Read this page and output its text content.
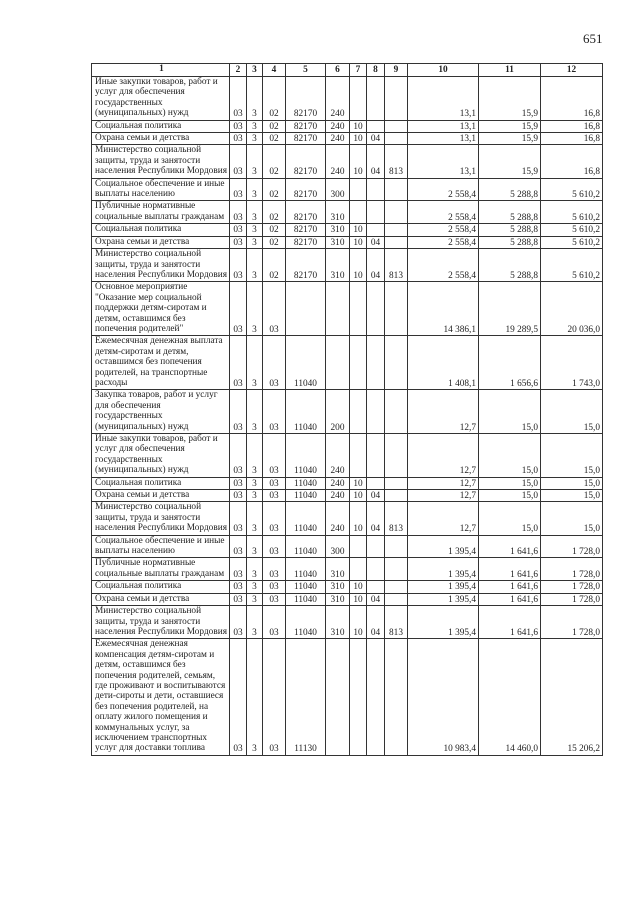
651
1	2	3	4	5	6	7	8	9	10	11	12
Иные закупки товаров, работ и услуг для обеспечения государственных (муниципальных) нужд	03	3	02	82170	240				13,1	15,9	16,8
Социальная политика	03	3	02	82170	240	10			13,1	15,9	16,8
Охрана семьи и детства	03	3	02	82170	240	10	04		13,1	15,9	16,8
Министерство социальной защиты, труда и занятости населения Республики Мордовия	03	3	02	82170	240	10	04	813	13,1	15,9	16,8
Социальное обеспечение и иные выплаты населению	03	3	02	82170	300				2 558,4	5 288,8	5 610,2
Публичные нормативные социальные выплаты гражданам	03	3	02	82170	310				2 558,4	5 288,8	5 610,2
Социальная политика	03	3	02	82170	310	10			2 558,4	5 288,8	5 610,2
Охрана семьи и детства	03	3	02	82170	310	10	04		2 558,4	5 288,8	5 610,2
Министерство социальной защиты, труда и занятости населения Республики Мордовия	03	3	02	82170	310	10	04	813	2 558,4	5 288,8	5 610,2
Основное мероприятие "Оказание мер социальной поддержки детям-сиротам и детям, оставшимся без попечения родителей"	03	3	03						14 386,1	19 289,5	20 036,0
Ежемесячная денежная выплата детям-сиротам и детям, оставшимся без попечения родителей, на транспортные расходы	03	3	03	11040					1 408,1	1 656,6	1 743,0
Закупка товаров, работ и услуг для обеспечения государственных (муниципальных) нужд	03	3	03	11040	200				12,7	15,0	15,0
Иные закупки товаров, работ и услуг для обеспечения государственных (муниципальных) нужд	03	3	03	11040	240				12,7	15,0	15,0
Социальная политика	03	3	03	11040	240	10			12,7	15,0	15,0
Охрана семьи и детства	03	3	03	11040	240	10	04		12,7	15,0	15,0
Министерство социальной защиты, труда и занятости населения Республики Мордовия	03	3	03	11040	240	10	04	813	12,7	15,0	15,0
Социальное обеспечение и иные выплаты населению	03	3	03	11040	300				1 395,4	1 641,6	1 728,0
Публичные нормативные социальные выплаты гражданам	03	3	03	11040	310				1 395,4	1 641,6	1 728,0
Социальная политика	03	3	03	11040	310	10			1 395,4	1 641,6	1 728,0
Охрана семьи и детства	03	3	03	11040	310	10	04		1 395,4	1 641,6	1 728,0
Министерство социальной защиты, труда и занятости населения Республики Мордовия	03	3	03	11040	310	10	04	813	1 395,4	1 641,6	1 728,0
Ежемесячная денежная компенсация детям-сиротам и детям, оставшимся без попечения родителей, семьям, где проживают и воспитываются дети-сироты и дети, оставшиеся без попечения родителей, на оплату жилого помещения и коммунальных услуг, за исключением транспортных услуг для доставки топлива	03	3	03	11130					10 983,4	14 460,0	15 206,2
